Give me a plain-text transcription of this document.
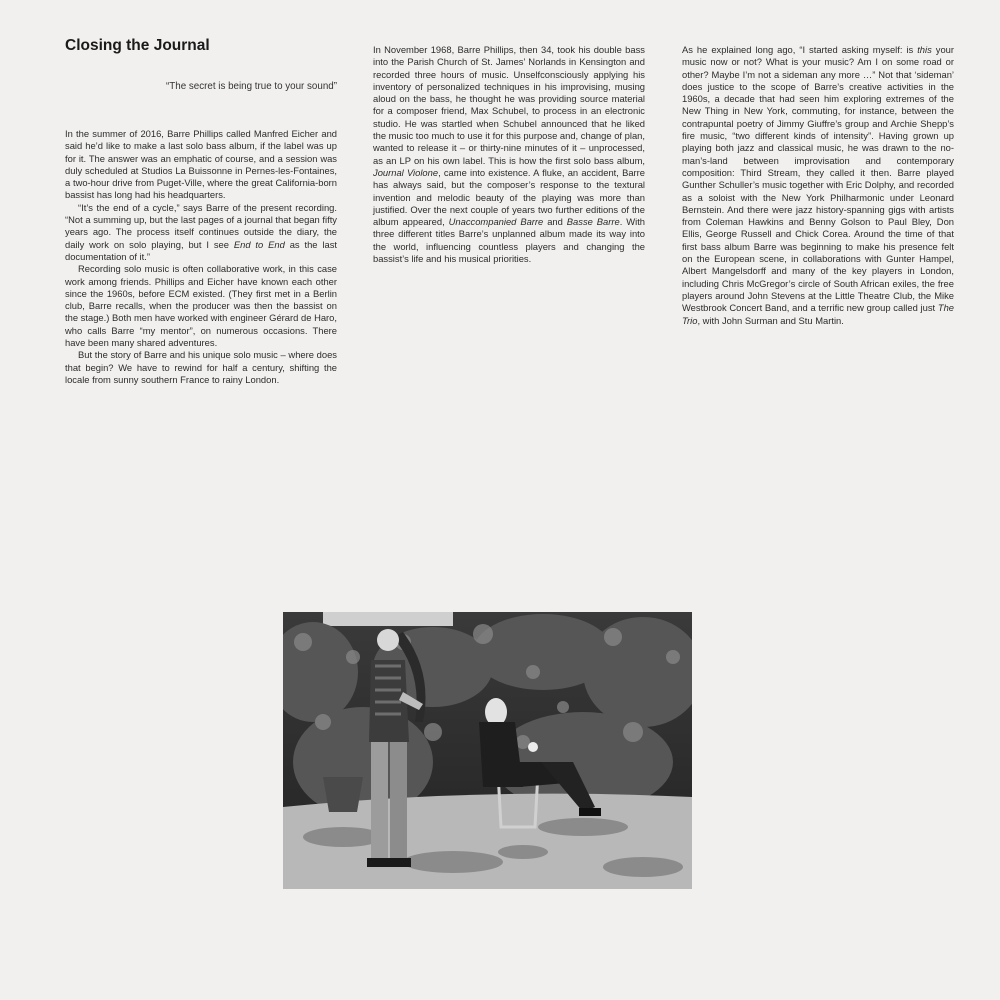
Closing the Journal
“The secret is being true to your sound”

In the summer of 2016, Barre Phillips called Manfred Eicher and said he’d like to make a last solo bass album, if the label was up for it. The answer was an emphatic of course, and a session was duly scheduled at Studios La Buissonne in Pernes-les-Fontaines, a two-hour drive from Puget-Ville, where the great California-born bassist has long had his headquarters.

“It’s the end of a cycle,” says Barre of the present recording. “Not a summing up, but the last pages of a journal that began fifty years ago. The process itself continues outside the diary, the daily work on solo playing, but I see End to End as the last documentation of it.”

Recording solo music is often collaborative work, in this case work among friends. Phillips and Eicher have known each other since the 1960s, before ECM existed. (They first met in a Berlin club, Barre recalls, when the producer was then the bassist on the stage.) Both men have worked with engineer Gérard de Haro, who calls Barre “my mentor”, on numerous occasions. There have been many shared adventures.

But the story of Barre and his unique solo music – where does that begin? We have to rewind for half a century, shifting the locale from sunny southern France to rainy London.

In November 1968, Barre Phillips, then 34, took his double bass into the Parish Church of St. James’ Norlands in Kensington and recorded three hours of music. Unselfconsciously applying his inventory of personalized techniques in his improvising, musing aloud on the bass, he thought he was providing source material for a composer friend, Max Schubel, to process in an electronic studio. He was startled when Schubel announced that he liked the music too much to use it for this purpose and, change of plan, wanted to release it – or thirty-nine minutes of it – unprocessed, as an LP on his own label. This is how the first solo bass album, Journal Violone, came into existence. A fluke, an accident, Barre has always said, but the composer’s response to the textural invention and melodic beauty of the playing was more than justified. Over the next couple of years two further editions of the album appeared, Unaccompanied Barre and Basse Barre. With three different titles Barre’s unplanned album made its way into the world, influencing countless players and changing the bassist’s life and his musical priorities.

As he explained long ago, “I started asking myself: is this your music now or not? What is your music? Am I on some road or other? Maybe I’m not a sideman any more …” Not that ‘sideman’ does justice to the scope of Barre’s creative activities in the 1960s, a decade that had seen him exploring extremes of the New Thing in New York, commuting, for instance, between the contrapuntal poetry of Jimmy Giuffre’s group and Archie Shepp’s fire music, “two different kinds of intensity”. Having grown up playing both jazz and classical music, he was drawn to the no-man’s-land between improvisation and contemporary composition: Third Stream, they called it then. Barre played Gunther Schuller’s music together with Eric Dolphy, and recorded as a soloist with the New York Philharmonic under Leonard Bernstein. And there were jazz history-spanning gigs with artists from Coleman Hawkins and Benny Golson to Paul Bley, Don Ellis, George Russell and Chick Corea. Around the time of that first bass album Barre was beginning to make his presence felt on the European scene, in collaborations with Gunter Hampel, Albert Mangelsdorff and many of the key players in London, including Chris McGregor’s circle of South African exiles, the free players around John Stevens at the Little Theatre Club, the Mike Westbrook Concert Band, and a terrific new group called just The Trio, with John Surman and Stu Martin.
